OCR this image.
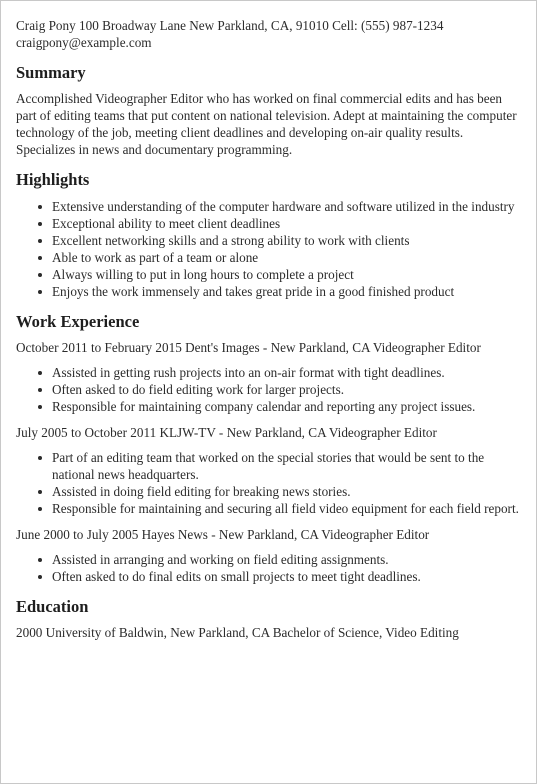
Craig Pony 100 Broadway Lane New Parkland, CA, 91010 Cell: (555) 987-1234
craigpony@example.com
Summary

Accomplished Videographer Editor who has worked on final commercial edits and has been part of editing teams that put content on national television. Adept at maintaining the computer technology of the job, meeting client deadlines and developing on-air quality results. Specializes in news and documentary programming.

Highlights
Extensive understanding of the computer hardware and software utilized in the industry
Exceptional ability to meet client deadlines
Excellent networking skills and a strong ability to work with clients
Able to work as part of a team or alone
Always willing to put in long hours to complete a project
Enjoys the work immensely and takes great pride in a good finished product
Work Experience

October 2011 to February 2015 Dent's Images - New Parkland, CA Videographer Editor

Assisted in getting rush projects into an on-air format with tight deadlines.
Often asked to do field editing work for larger projects.
Responsible for maintaining company calendar and reporting any project issues.

July 2005 to October 2011 KLJW-TV - New Parkland, CA Videographer Editor

Part of an editing team that worked on the special stories that would be sent to the national news headquarters.
Assisted in doing field editing for breaking news stories.
Responsible for maintaining and securing all field video equipment for each field report.

June 2000 to July 2005 Hayes News - New Parkland, CA Videographer Editor

Assisted in arranging and working on field editing assignments.
Often asked to do final edits on small projects to meet tight deadlines.
Education

2000 University of Baldwin, New Parkland, CA Bachelor of Science, Video Editing
